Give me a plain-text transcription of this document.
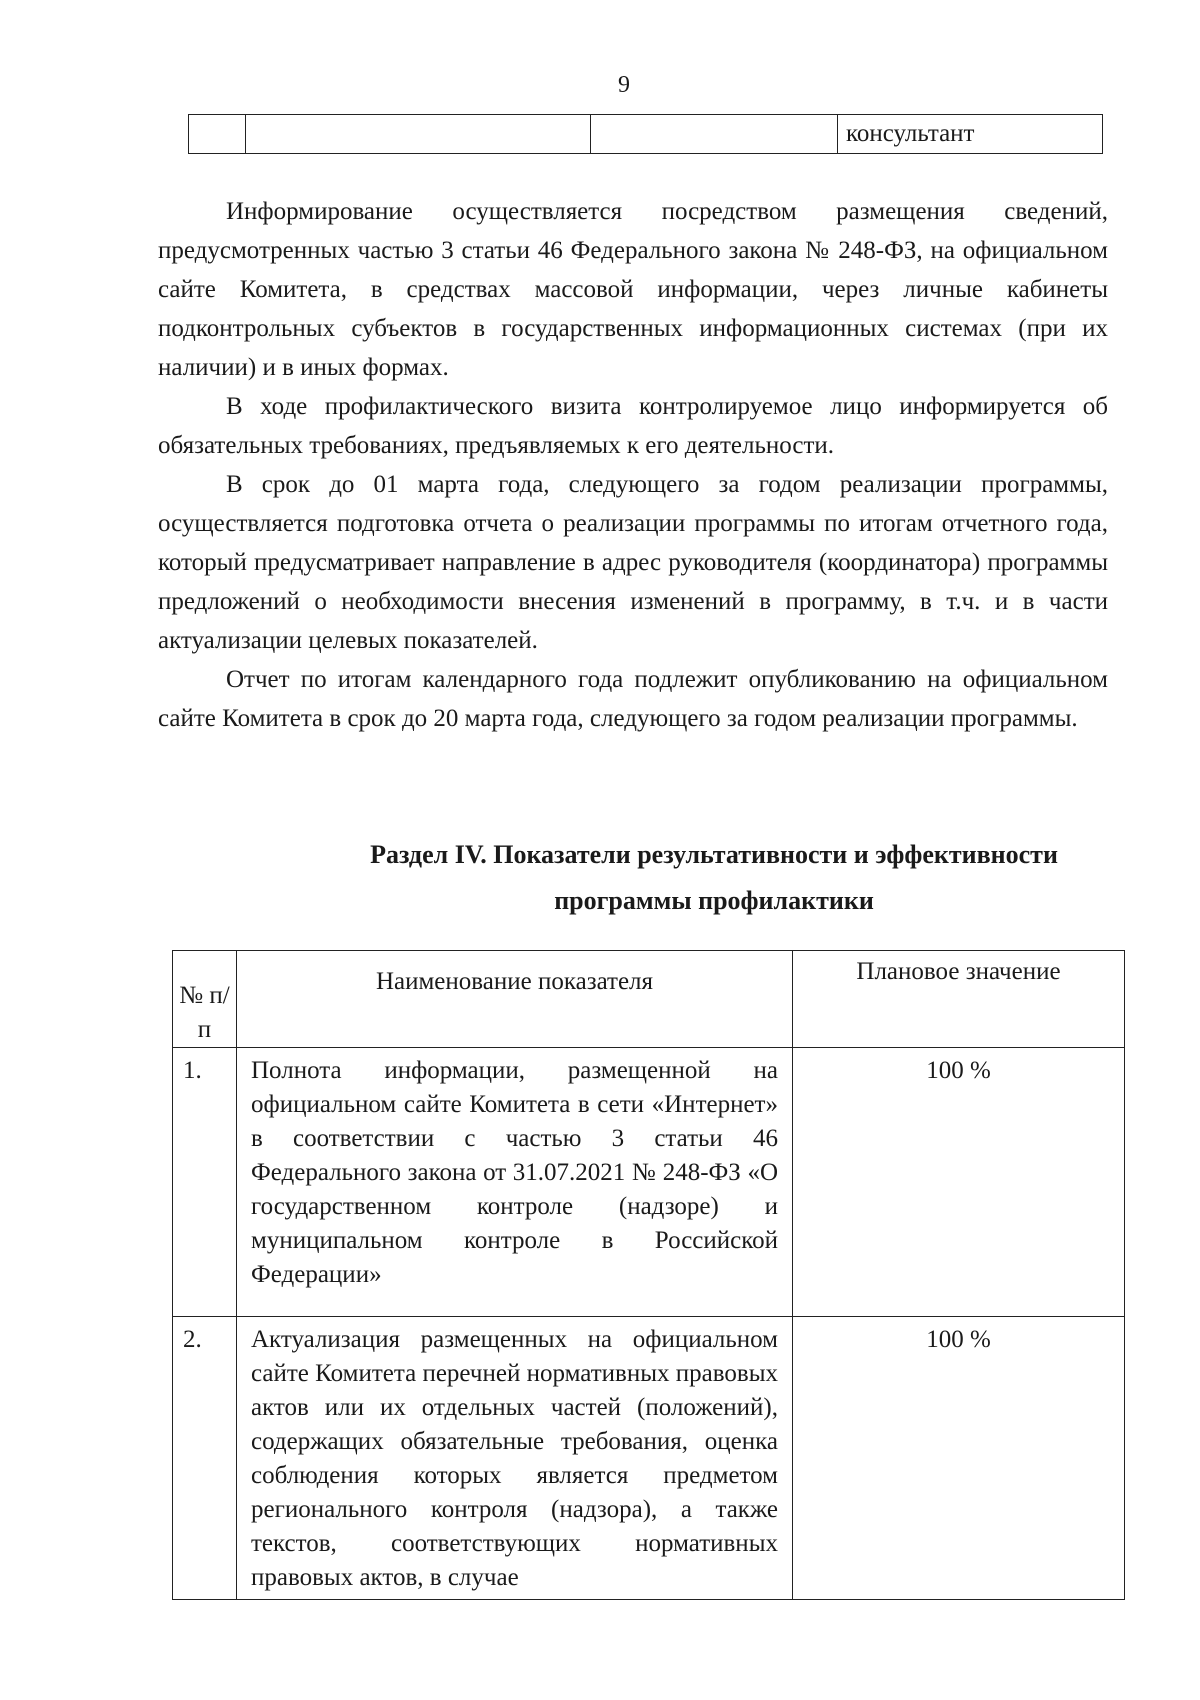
9
			консультант

Информирование осуществляется посредством размещения сведений, предусмотренных частью 3 статьи 46 Федерального закона № 248-ФЗ, на официальном сайте Комитета, в средствах массовой информации, через личные кабинеты подконтрольных субъектов в государственных информационных системах (при их наличии) и в иных формах.

В ходе профилактического визита контролируемое лицо информируется об обязательных требованиях, предъявляемых к его деятельности.

В срок до 01 марта года, следующего за годом реализации программы, осуществляется подготовка отчета о реализации программы по итогам отчетного года, который предусматривает направление в адрес руководителя (координатора) программы предложений о необходимости внесения изменений в программу, в т.ч. и в части актуализации целевых показателей.

Отчет по итогам календарного года подлежит опубликованию на официальном сайте Комитета в срок до 20 марта года, следующего за годом реализации программы.

Раздел IV. Показатели результативности и эффективности
программы профилактики
№ п/п	Наименование показателя	Плановое значение
1.	Полнота информации, размещенной на официальном сайте Комитета в сети «Интернет» в соответствии с частью 3 статьи 46 Федерального закона от 31.07.2021 № 248-ФЗ «О государственном контроле (надзоре) и муниципальном контроле в Российской Федерации»	100 %
2.	Актуализация размещенных на официальном сайте Комитета перечней нормативных правовых актов или их отдельных частей (положений), содержащих обязательные требования, оценка соблюдения которых является предметом регионального контроля (надзора), а также текстов, соответствующих нормативных правовых актов, в случае	100 %
